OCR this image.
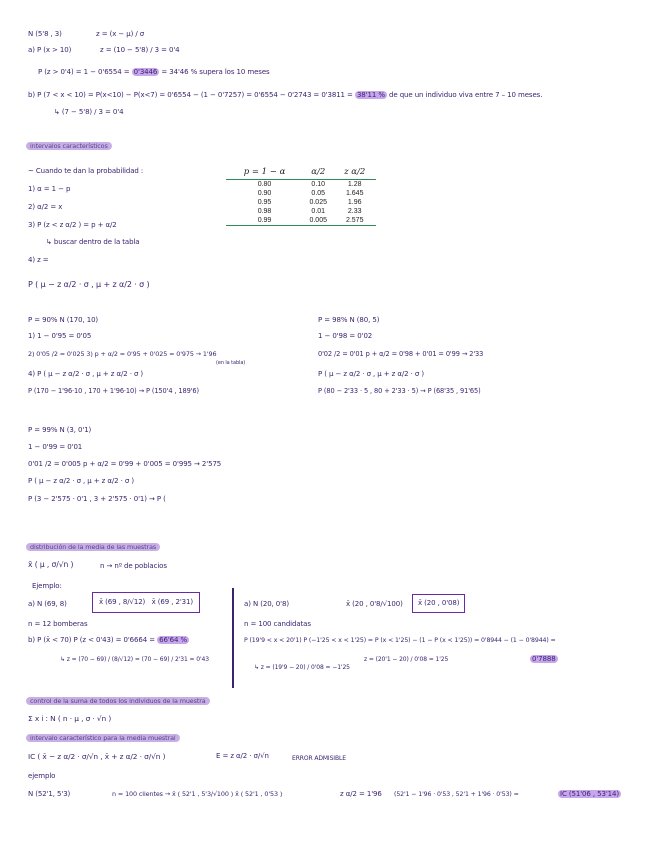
N (5'8 , 3)	z = (x − μ) / σ
a) P (x > 10)	z = (10 − 5'8) / 3 = 0'4
P (z > 0'4) = 1 − 0'6554 = 0'3446 = 34'46 % supera los 10 meses
b) P (7 < x < 10) = P(x<10) − P(x<7) = 0'6554 − (1 − 0'7257) = 0'6554 − 0'2743 = 0'3811 = 38'11 % de que un individuo viva entre 7 – 10 meses.
↳ (7 − 5'8) / 3 = 0'4
intervalos característicos
~ Cuando te dan la probabilidad :
1) α = 1 − p
2) α/2 = x
3) P (z < z α/2 ) = p + α/2
↳ buscar dentro de la tabla
4) z =
P ( μ − z α/2 · σ , μ + z α/2 · σ )
p = 1 − α	α/2	z α/2
0.80	0.10	1.28
0.90	0.05	1.645
0.95	0.025	1.96
0.98	0.01	2.33
0.99	0.005	2.575
P = 90% N (170, 10)
1) 1 − 0'95 = 0'05
2) 0'05 /2 = 0'025 3) p + α/2 = 0'95 + 0'025 = 0'975 → 1'96
(en la tabla)
4) P ( μ − z α/2 · σ , μ + z α/2 · σ )
P (170 − 1'96·10 , 170 + 1'96·10) → P (150'4 , 189'6)
P = 98% N (80, 5)
1 − 0'98 = 0'02
0'02 /2 = 0'01 p + α/2 = 0'98 + 0'01 = 0'99 → 2'33
P ( μ − z α/2 · σ , μ + z α/2 · σ )
P (80 − 2'33 · 5 , 80 + 2'33 · 5) → P (68'35 , 91'65)
P = 99% N (3, 0'1)
1 − 0'99 = 0'01
0'01 /2 = 0'005 p + α/2 = 0'99 + 0'005 = 0'995 → 2'575
P ( μ − z α/2 · σ , μ + z α/2 · σ )
P (3 − 2'575 · 0'1 , 3 + 2'575 · 0'1) → P (
distribución de la media de las muestras
x̄ ( μ , σ/√n )	n → nº de poblacios
Ejemplo:
a) N (69, 8)	x̄ (69 , 8/√12) x̄ (69 , 2'31)
n = 12 bomberas
b) P (x̄ < 70) P (z < 0'43) = 0'6664 = 66'64 %
↳ z = (70 − 69) / (8/√12) = (70 − 69) / 2'31 = 0'43
a) N (20, 0'8)	x̄ (20 , 0'8/√100)	x̄ (20 , 0'08)
n = 100 candidatas
P (19'9 < x < 20'1) P (−1'25 < x < 1'25) = P (x < 1'25) − (1 − P (x < 1'25)) = 0'8944 − (1 − 0'8944) =
↳ z = (19'9 − 20) / 0'08 = −1'25
z = (20'1 − 20) / 0'08 = 1'25	0'7888
control de la suma de todos los individuos de la muestra
Σ x i : N ( n · μ , σ · √n )
intervalo característico para la media muestral
IC ( x̄ − z α/2 · σ/√n , x̄ + z α/2 · σ/√n )	E = z α/2 · σ/√n	ERROR ADMISIBLE
ejemplo
N (52'1, 5'3)	n = 100 clientes → x̄ ( 52'1 , 5'3/√100 ) x̄ ( 52'1 , 0'53 )	z α/2 = 1'96 (52'1 − 1'96 · 0'53 , 52'1 + 1'96 · 0'53) =	IC (51'06 , 53'14)
